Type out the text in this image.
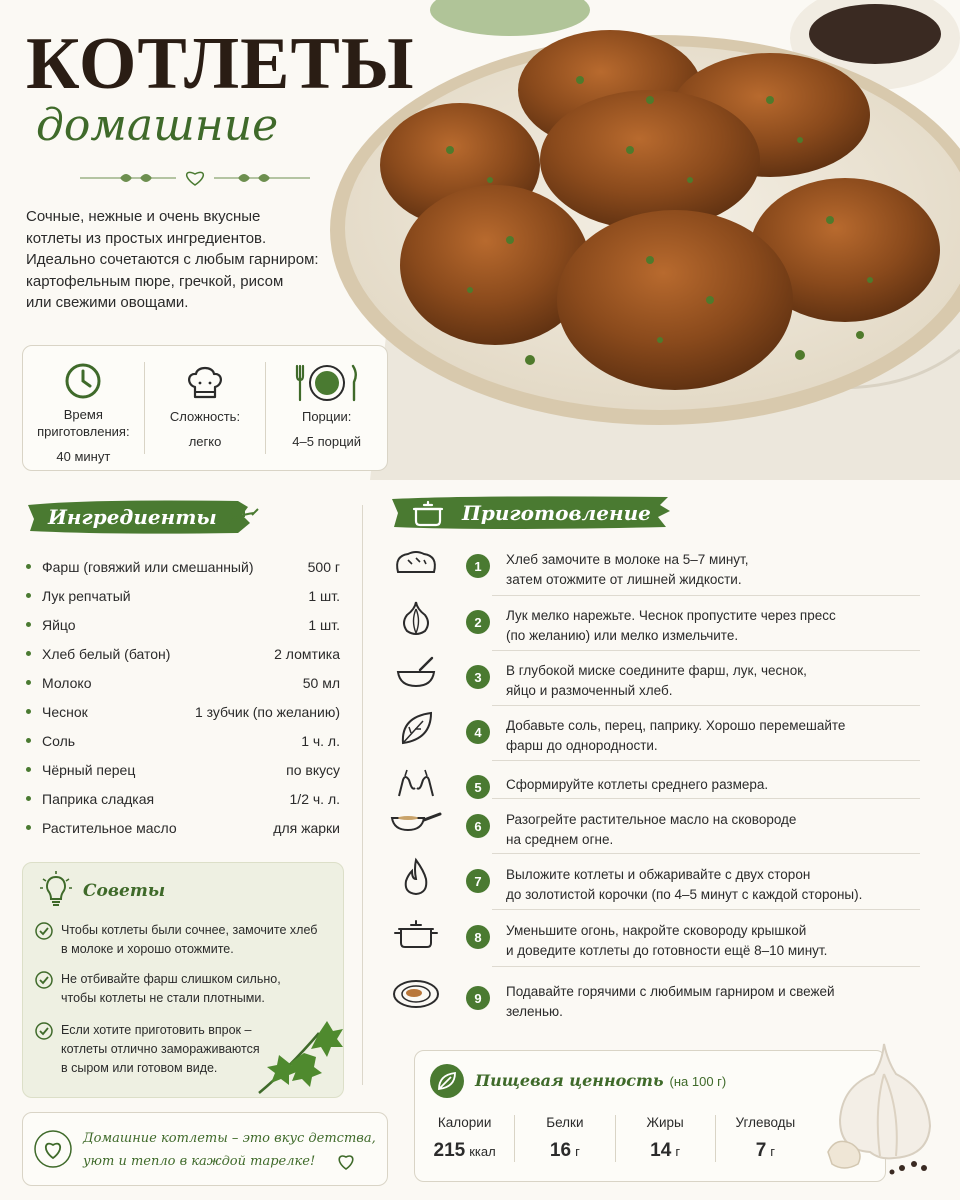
КОТЛЕТЫ
домашние
Сочные, нежные и очень вкусные
котлеты из простых ингредиентов.
Идеально сочетаются с любым гарниром:
картофельным пюре, гречкой, рисом
или свежими овощами.
Время
приготовления:
40 минут
Сложность:
легко
Порции:
4–5 порций
Ингредиенты
Фарш (говяжий или смешанный)	500 г
Лук репчатый	1 шт.
Яйцо	1 шт.
Хлеб белый (батон)	2 ломтика
Молоко	50 мл
Чеснок	1 зубчик (по желанию)
Соль	1 ч. л.
Чёрный перец	по вкусу
Паприка сладкая	1/2 ч. л.
Растительное масло	для жарки
Советы
Чтобы котлеты были сочнее, замочите хлеб
в молоке и хорошо отожмите.
Не отбивайте фарш слишком сильно,
чтобы котлеты не стали плотными.
Если хотите приготовить впрок –
котлеты отлично замораживаются
в сыром или готовом виде.
Домашние котлеты – это вкус детства,
уют и тепло в каждой тарелке!
Приготовление
1	Хлеб замочите в молоке на 5–7 минут,
затем отожмите от лишней жидкости.
2	Лук мелко нарежьте. Чеснок пропустите через пресс
(по желанию) или мелко измельчите.
3	В глубокой миске соедините фарш, лук, чеснок,
яйцо и размоченный хлеб.
4	Добавьте соль, перец, паприку. Хорошо перемешайте
фарш до однородности.
5	Сформируйте котлеты среднего размера.
6	Разогрейте растительное масло на сковороде
на среднем огне.
7	Выложите котлеты и обжаривайте с двух сторон
до золотистой корочки (по 4–5 минут с каждой стороны).
8	Уменьшите огонь, накройте сковороду крышкой
и доведите котлеты до готовности ещё 8–10 минут.
9	Подавайте горячими с любимым гарниром и свежей
зеленью.
Пищевая ценность (на 100 г)
Калории
215 ккал
Белки
16 г
Жиры
14 г
Углеводы
7 г
